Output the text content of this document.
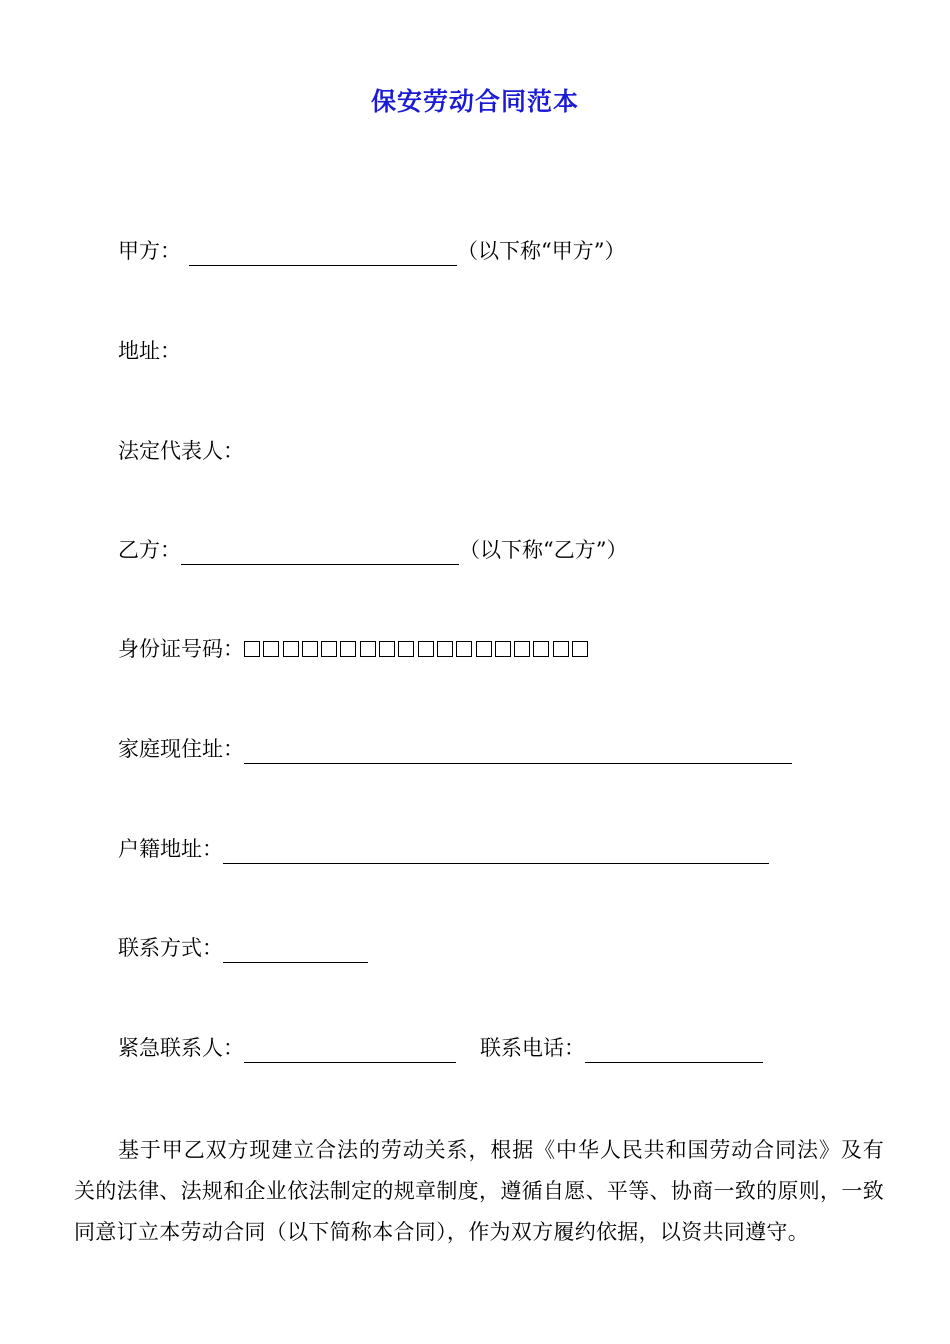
保安劳动合同范本
甲方：	（以下称“甲方”）
地址：
法定代表人：
乙方：	（以下称“乙方”）
身份证号码：
家庭现住址：
户籍地址：
联系方式：
紧急联系人：	联系电话：
基于甲乙双方现建立合法的劳动关系，根据《中华人民共和国劳动合同法》及有关的法律、法规和企业依法制定的规章制度，遵循自愿、平等、协商一致的原则，一致同意订立本劳动合同（以下简称本合同），作为双方履约依据，以资共同遵守。
